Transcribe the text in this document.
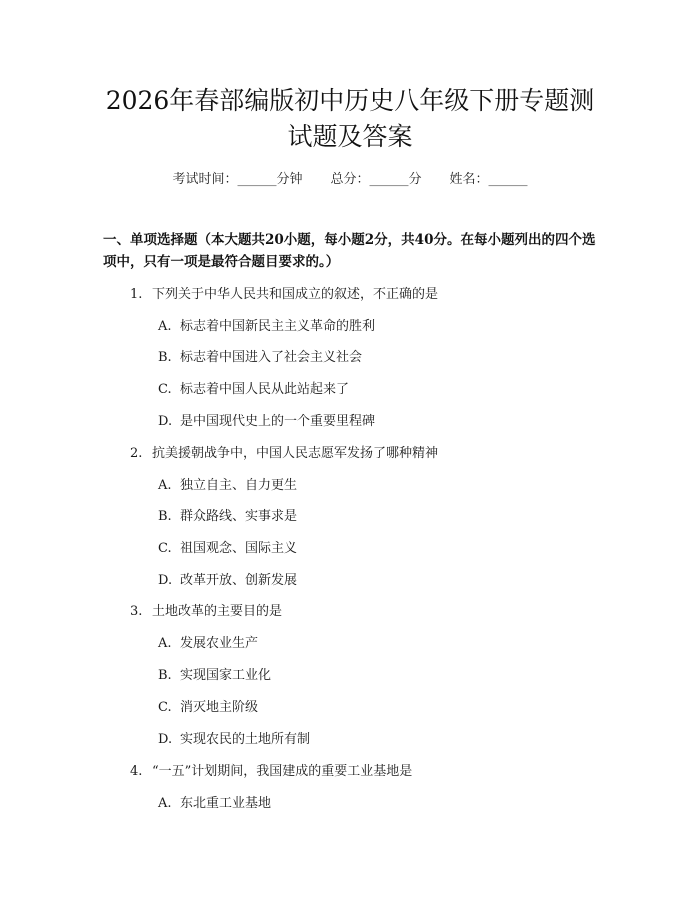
2026年春部编版初中历史八年级下册专题测
试题及答案
考试时间：______分钟 总分：______分 姓名：______
一、单项选择题（本大题共20小题，每小题2分，共40分。在每小题列出的四个选项中，只有一项是最符合题目要求的。）
1. 下列关于中华人民共和国成立的叙述，不正确的是
A. 标志着中国新民主主义革命的胜利
B. 标志着中国进入了社会主义社会
C. 标志着中国人民从此站起来了
D. 是中国现代史上的一个重要里程碑
2. 抗美援朝战争中，中国人民志愿军发扬了哪种精神
A. 独立自主、自力更生
B. 群众路线、实事求是
C. 祖国观念、国际主义
D. 改革开放、创新发展
3. 土地改革的主要目的是
A. 发展农业生产
B. 实现国家工业化
C. 消灭地主阶级
D. 实现农民的土地所有制
4. “一五”计划期间，我国建成的重要工业基地是
A. 东北重工业基地
